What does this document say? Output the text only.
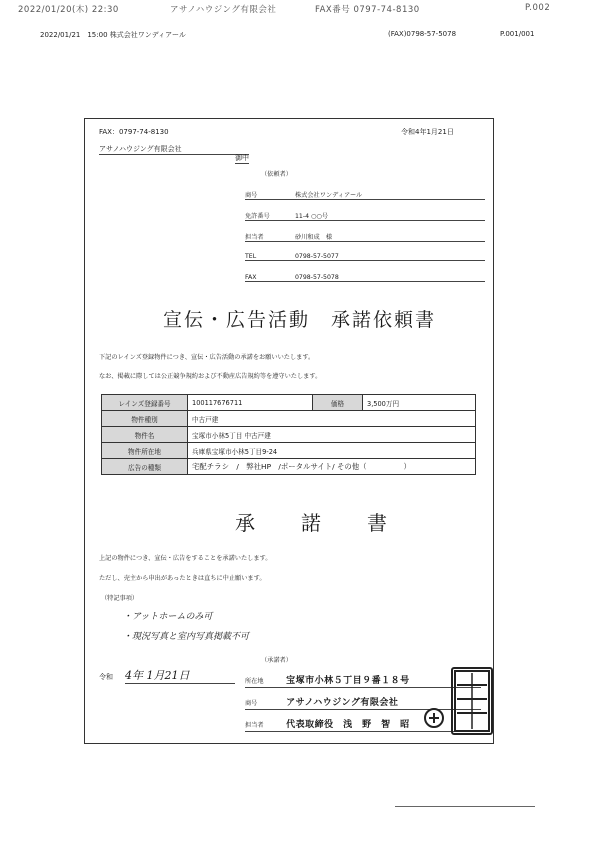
2022/01/20(木) 22:30	アサノハウジング有限会社	FAX番号 0797-74-8130	P.002
2022/01/21　15:00 株式会社ワンディアール	(FAX)0798-57-5078	P.001/001
FAX：0797-74-8130	令和4年1月21日
アサノハウジング有限会社
御中
（依頼者）
商号	株式会社ワンディアール
免許番号	11-4 ○○号
担当者	砂川和成　様
TEL	0798-57-5077
FAX	0798-57-5078
宣伝・広告活動　承諾依頼書
下記のレインズ登録物件につき、宣伝・広告活動の承諾をお願いいたします。
なお、掲載に際しては公正競争規約および不動産広告規約等を遵守いたします。
レインズ登録番号	100117676711	価格	3,500万円
物件種別	中古戸建		
物件名	宝塚市小林5丁目 中古戸建		
物件所在地	兵庫県宝塚市小林5丁目9-24		
広告の種類	宅配チラシ　/　弊社HP　/ポータルサイト/ その他（　　　　　）		
承 諾 書
上記の物件につき、宣伝・広告をすることを承諾いたします。
ただし、売主から申出があったときは直ちに中止願います。
（特記事項）
・アットホームのみ可
・現況写真と室内写真掲載不可
令和 4年 1月21日
（承諾者）
所在地	宝塚市小林５丁目９番１８号
商号	アサノハウジング有限会社
担当者	代表取締役　浅　野　智　昭
